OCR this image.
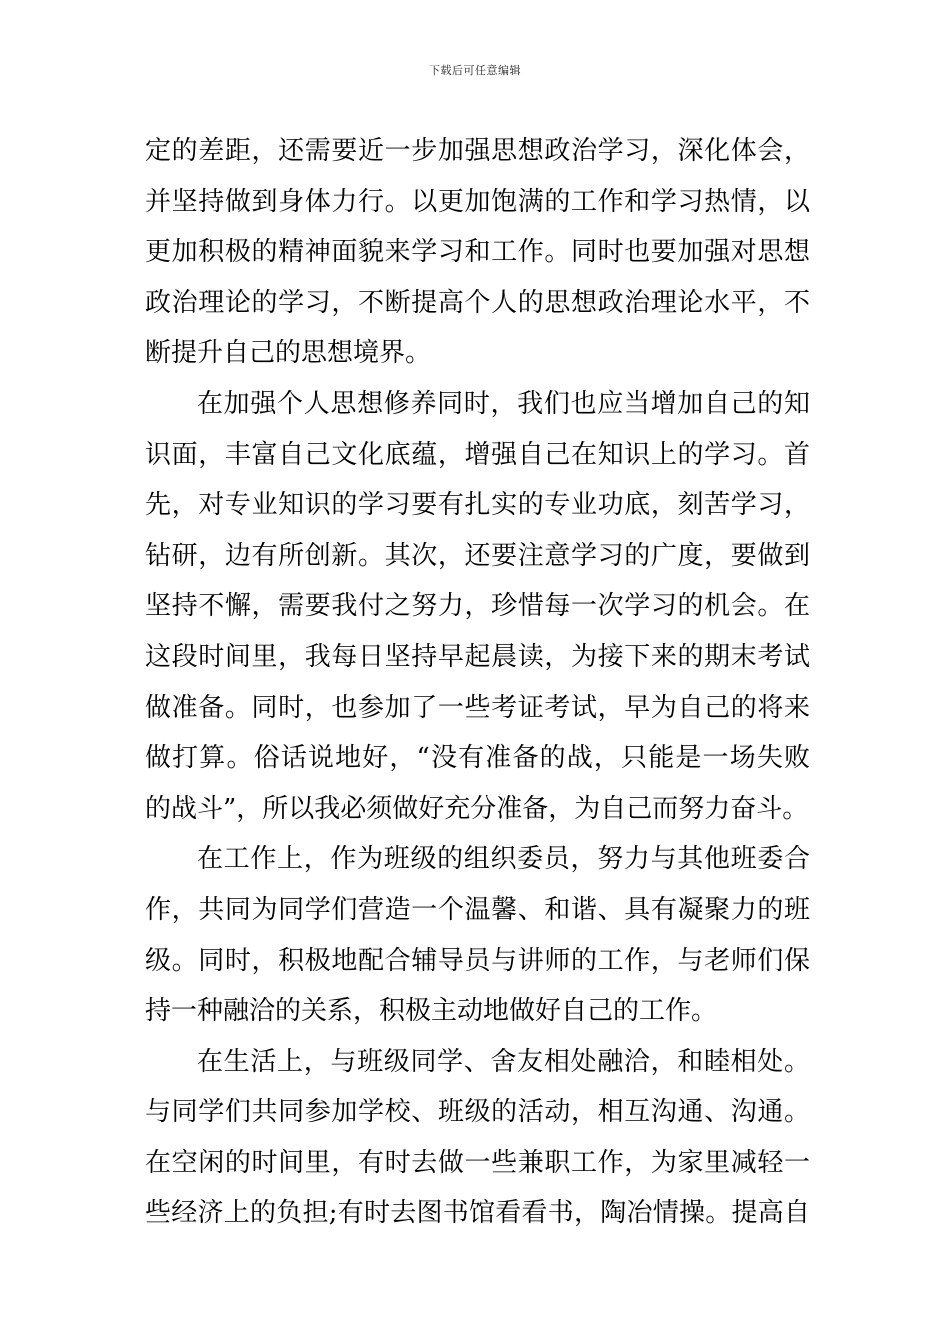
下载后可任意编辑
定的差距，还需要近一步加强思想政治学习，深化体会，
并坚持做到身体力行。以更加饱满的工作和学习热情，以
更加积极的精神面貌来学习和工作。同时也要加强对思想
政治理论的学习，不断提高个人的思想政治理论水平，不
断提升自己的思想境界。
在加强个人思想修养同时，我们也应当增加自己的知
识面，丰富自己文化底蕴，增强自己在知识上的学习。首
先，对专业知识的学习要有扎实的专业功底，刻苦学习，
钻研，边有所创新。其次，还要注意学习的广度，要做到
坚持不懈，需要我付之努力，珍惜每一次学习的机会。在
这段时间里，我每日坚持早起晨读，为接下来的期末考试
做准备。同时，也参加了一些考证考试，早为自己的将来
做打算。俗话说地好，“没有准备的战，只能是一场失败
的战斗”，所以我必须做好充分准备，为自己而努力奋斗。
在工作上，作为班级的组织委员，努力与其他班委合
作，共同为同学们营造一个温馨、和谐、具有凝聚力的班
级。同时，积极地配合辅导员与讲师的工作，与老师们保
持一种融洽的关系，积极主动地做好自己的工作。
在生活上，与班级同学、舍友相处融洽，和睦相处。
与同学们共同参加学校、班级的活动，相互沟通、沟通。
在空闲的时间里，有时去做一些兼职工作，为家里减轻一
些经济上的负担;有时去图书馆看看书，陶冶情操。提高自
